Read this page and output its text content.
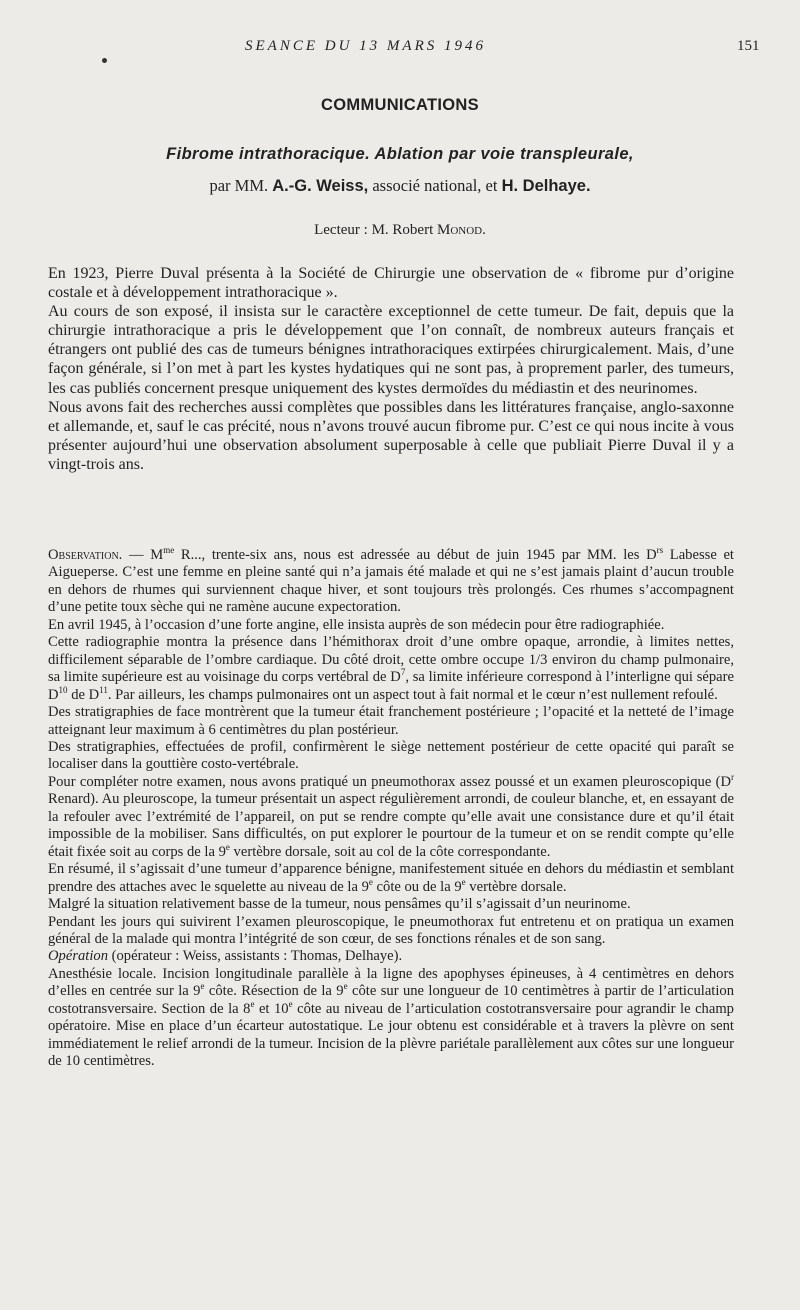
SEANCE DU 13 MARS 1946	151
COMMUNICATIONS
Fibrome intrathoracique. Ablation par voie transpleurale,
par MM. A.-G. Weiss, associé national, et H. Delhaye.
Lecteur : M. Robert Monod.

En 1923, Pierre Duval présenta à la Société de Chirurgie une observation de « fibrome pur d’origine costale et à développement intrathoracique ».

Au cours de son exposé, il insista sur le caractère exceptionnel de cette tumeur. De fait, depuis que la chirurgie intrathoracique a pris le développement que l’on connaît, de nombreux auteurs français et étrangers ont publié des cas de tumeurs bénignes intrathoraciques extirpées chirurgicalement. Mais, d’une façon générale, si l’on met à part les kystes hydatiques qui ne sont pas, à proprement parler, des tumeurs, les cas publiés concernent presque uniquement des kystes dermoïdes du médiastin et des neurinomes.

Nous avons fait des recherches aussi complètes que possibles dans les littératures française, anglo-saxonne et allemande, et, sauf le cas précité, nous n’avons trouvé aucun fibrome pur. C’est ce qui nous incite à vous présenter aujourd’hui une observation absolument superposable à celle que publiait Pierre Duval il y a vingt-trois ans.

Observation. — $M^{me}$ R..., trente-six ans, nous est adressée au début de juin 1945 par MM. les $D^{rs}$ Labesse et Aigueperse. C’est une femme en pleine santé qui n’a jamais été malade et qui ne s’est jamais plaint d’aucun trouble en dehors de rhumes qui surviennent chaque hiver, et sont toujours très prolongés. Ces rhumes s’accompagnent d’une petite toux sèche qui ne ramène aucune expectoration.

En avril 1945, à l’occasion d’une forte angine, elle insista auprès de son médecin pour être radiographiée.

Cette radiographie montra la présence dans l’hémithorax droit d’une ombre opaque, arrondie, à limites nettes, difficilement séparable de l’ombre cardiaque. Du côté droit, cette ombre occupe 1/3 environ du champ pulmonaire, sa limite supérieure est au voisinage du corps vertébral de $D^7$, sa limite inférieure correspond à l’interligne qui sépare $D^{10}$ de $D^{11}$. Par ailleurs, les champs pulmonaires ont un aspect tout à fait normal et le cœur n’est nullement refoulé.

Des stratigraphies de face montrèrent que la tumeur était franchement postérieure ; l’opacité et la netteté de l’image atteignant leur maximum à 6 centimètres du plan postérieur.

Des stratigraphies, effectuées de profil, confirmèrent le siège nettement postérieur de cette opacité qui paraît se localiser dans la gouttière costo-vertébrale.

Pour compléter notre examen, nous avons pratiqué un pneumothorax assez poussé et un examen pleuroscopique ($D^r$ Renard). Au pleuroscope, la tumeur présentait un aspect régulièrement arrondi, de couleur blanche, et, en essayant de la refouler avec l’extrémité de l’appareil, on put se rendre compte qu’elle avait une consistance dure et qu’il était impossible de la mobiliser. Sans difficultés, on put explorer le pourtour de la tumeur et on se rendit compte qu’elle était fixée soit au corps de la 9e vertèbre dorsale, soit au col de la côte correspondante.

En résumé, il s’agissait d’une tumeur d’apparence bénigne, manifestement située en dehors du médiastin et semblant prendre des attaches avec le squelette au niveau de la 9e côte ou de la 9e vertèbre dorsale.

Malgré la situation relativement basse de la tumeur, nous pensâmes qu’il s’agissait d’un neurinome.

Pendant les jours qui suivirent l’examen pleuroscopique, le pneumothorax fut entretenu et on pratiqua un examen général de la malade qui montra l’intégrité de son cœur, de ses fonctions rénales et de son sang.

Opération (opérateur : Weiss, assistants : Thomas, Delhaye).

Anesthésie locale. Incision longitudinale parallèle à la ligne des apophyses épineuses, à 4 centimètres en dehors d’elles en centrée sur la 9e côte. Résection de la 9e côte sur une longueur de 10 centimètres à partir de l’articulation costotransversaire. Section de la 8e et 10e côte au niveau de l’articulation costotransversaire pour agrandir le champ opératoire. Mise en place d’un écarteur autostatique. Le jour obtenu est considérable et à travers la plèvre on sent immédiatement le relief arrondi de la tumeur. Incision de la plèvre pariétale parallèlement aux côtes sur une longueur de 10 centimètres.
